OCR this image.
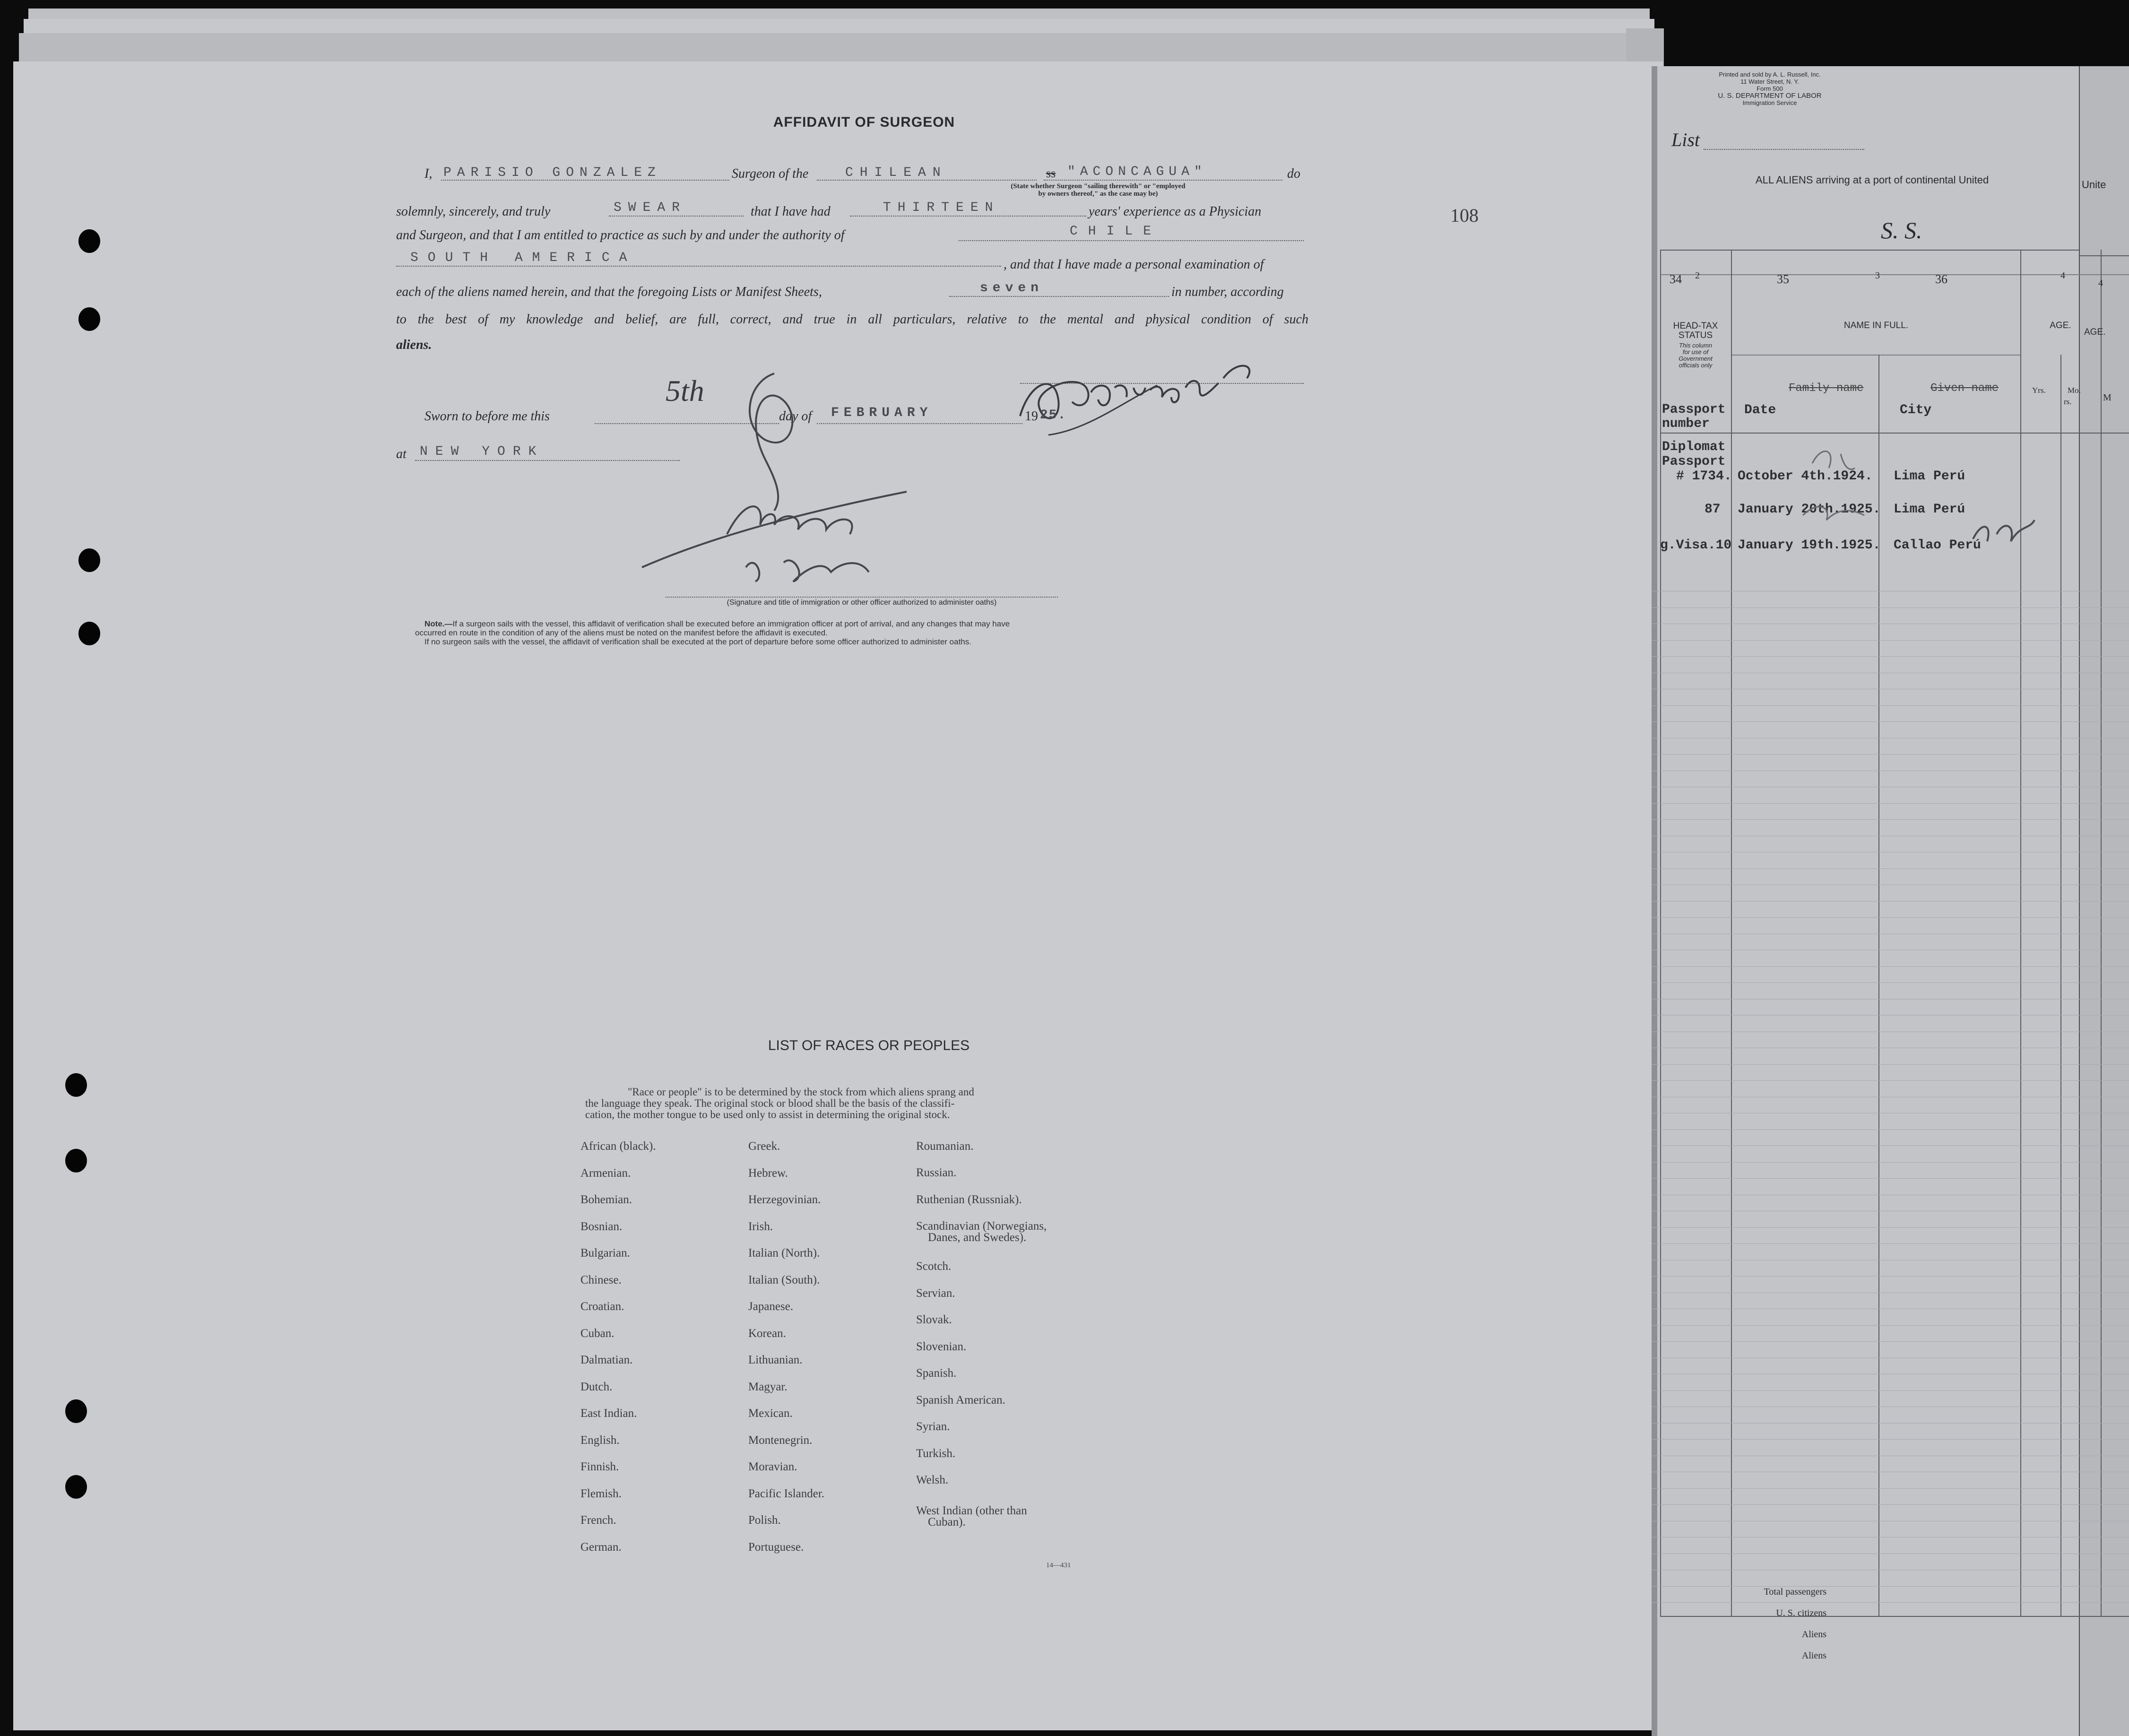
AFFIDAVIT OF SURGEON
108
I, PARISIO GONZALEZ	Surgeon of the	CHILEAN	ss "ACONCAGUA"	do
(State whether Surgeon "sailing therewith" or "employed by owners thereof," as the case may be)
solemnly, sincerely, and truly	SWEAR	that I have had	THIRTEEN	years' experience as a Physician
and Surgeon, and that I am entitled to practice as such by and under the authority of	CHILE
SOUTH AMERICA	, and that I have made a personal examination of
each of the aliens named herein, and that the foregoing Lists or Manifest Sheets,	seven	in number, according
to the best of my knowledge and belief, are full, correct, and true in all particulars, relative to the mental and physical condition of such
aliens.
Sworn to before me this
5th
day of FEBRUARY	19 25.
at NEW YORK
(Signature and title of immigration or other officer authorized to administer oaths)
Note.—If a surgeon sails with the vessel, this affidavit of verification shall be executed before an immigration officer at port of arrival, and any changes that may have
occurred en route in the condition of any of the aliens must be noted on the manifest before the affidavit is executed.
If no surgeon sails with the vessel, the affidavit of verification shall be executed at the port of departure before some officer authorized to administer oaths.
LIST OF RACES OR PEOPLES
"Race or people" is to be determined by the stock from which aliens sprang and
the language they speak. The original stock or blood shall be the basis of the classifi-
cation, the mother tongue to be used only to assist in determining the original stock.
African (black).
Armenian.
Bohemian.
Bosnian.
Bulgarian.
Chinese.
Croatian.
Cuban.
Dalmatian.
Dutch.
East Indian.
English.
Finnish.
Flemish.
French.
German.
Greek.
Hebrew.
Herzegovinian.
Irish.
Italian (North).
Italian (South).
Japanese.
Korean.
Lithuanian.
Magyar.
Mexican.
Montenegrin.
Moravian.
Pacific Islander.
Polish.
Portuguese.
Roumanian.
Russian.
Ruthenian (Russniak).
Scandinavian (Norwegians,
Danes, and Swedes).
Scotch.
Servian.
Slovak.
Slovenian.
Spanish.
Spanish American.
Syrian.
Turkish.
Welsh.
West Indian (other than
Cuban).
14—431
Printed and sold by A. L. Russell, Inc.
11 Water Street, N. Y.
Form 500
U. S. DEPARTMENT OF LABOR
Immigration Service
List
ALL ALIENS arriving at a port of continental United	Unite
S. S.
34 2	35	3	36	4
4
HEAD-TAX
STATUS
This column
for use of
Government
officials only
NAME IN FULL.	AGE.
AGE.
Family name	Given name	Yrs.	Mo.
rs.	M
Passport
number
Date	City
Diplomat
Passport
# 1734. October 4th.1924. Lima Perú
87 January 20th.1925. Lima Perú
g.Visa.10 January 19th.1925. Callao Perú
Total passengers
U. S. citizens
Aliens
Aliens
